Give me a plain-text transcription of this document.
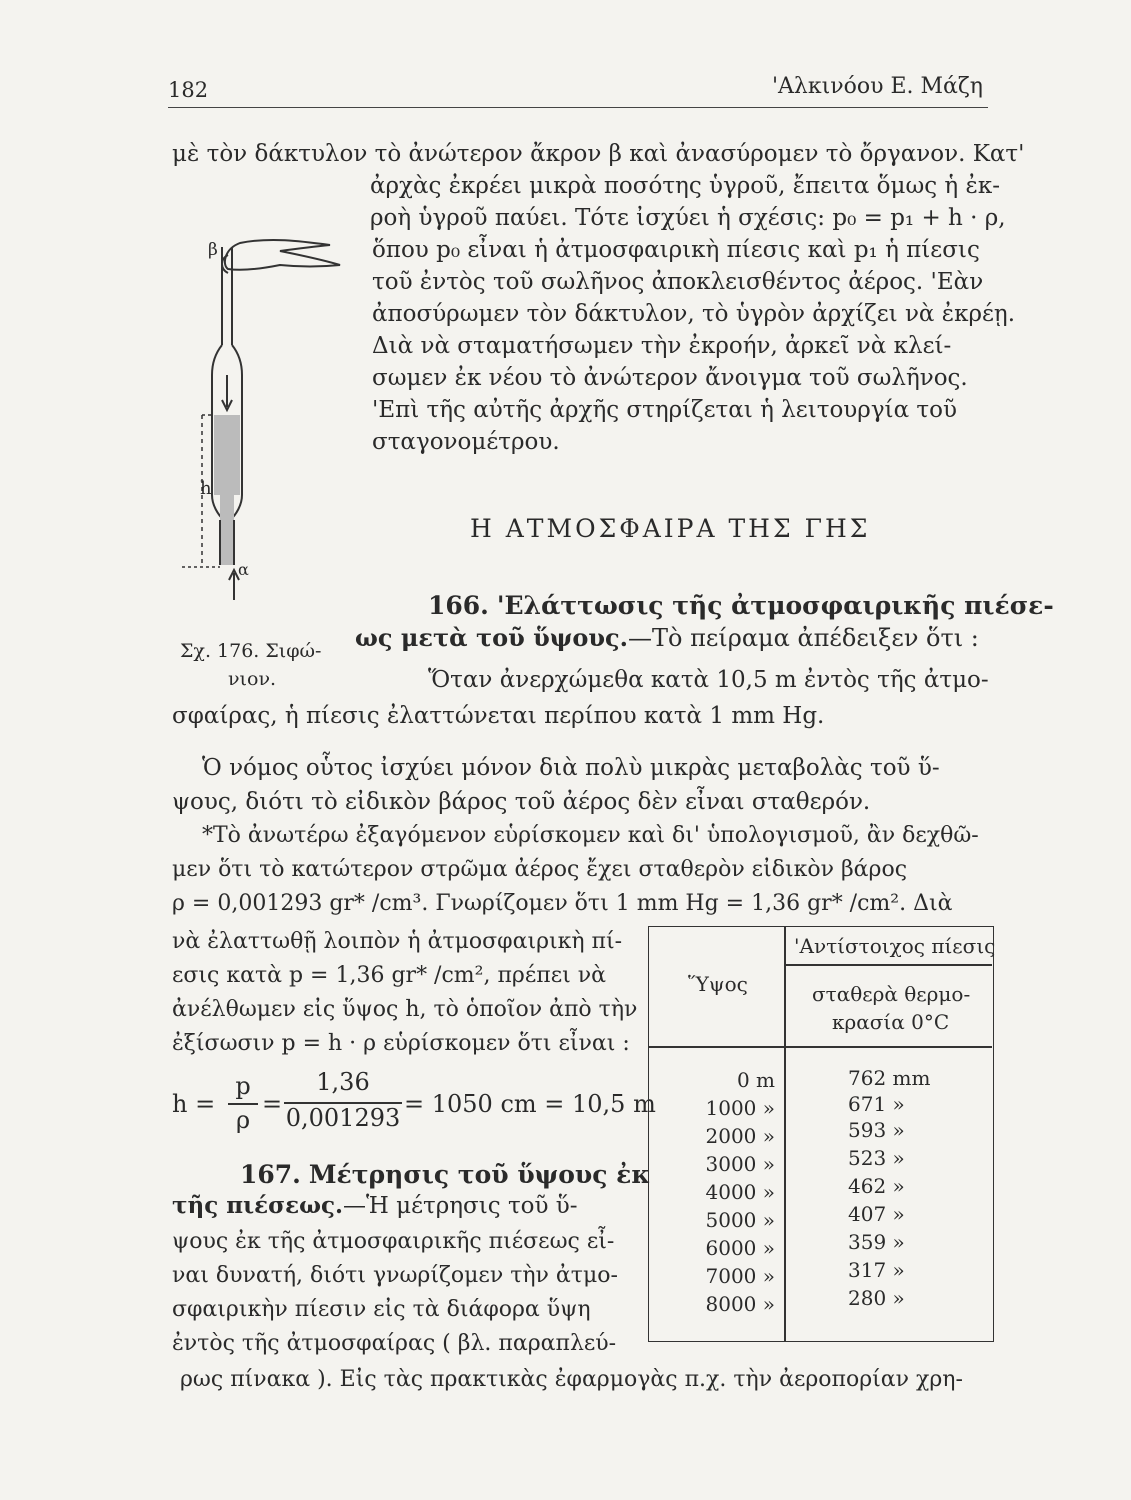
182	'Αλκινόου Ε. Μάζη
μὲ τὸν δάκτυλον τὸ ἀνώτερον ἄκρον β καὶ ἀνασύρομεν τὸ ὄργανον. Κατ'
ἀρχὰς ἐκρέει μικρὰ ποσότης ὑγροῦ, ἔπειτα ὅμως ἡ ἐκ-
ροὴ ὑγροῦ παύει. Τότε ἰσχύει ἡ σχέσις: p₀ = p₁ + h · ρ,
ὅπου p₀ εἶναι ἡ ἀτμοσφαιρικὴ πίεσις καὶ p₁ ἡ πίεσις
τοῦ ἐντὸς τοῦ σωλῆνος ἀποκλεισθέντος ἀέρος. 'Εὰν
ἀποσύρωμεν τὸν δάκτυλον, τὸ ὑγρὸν ἀρχίζει νὰ ἐκρέῃ.
Διὰ νὰ σταματήσωμεν τὴν ἐκροήν, ἀρκεῖ νὰ κλεί-
σωμεν ἐκ νέου τὸ ἀνώτερον ἄνοιγμα τοῦ σωλῆνος.
'Επὶ τῆς αὐτῆς ἀρχῆς στηρίζεται ἡ λειτουργία τοῦ
σταγονομέτρου.
β
h
α
Σχ. 176. Σιφώ-
νιον.
Η ΑΤΜΟΣΦΑΙΡΑ ΤΗΣ ΓΗΣ
166. 'Ελάττωσις τῆς ἀτμοσφαιρικῆς πιέσε-
ως μετὰ τοῦ ὕψους.—Τὸ πείραμα ἀπέδειξεν ὅτι :
Ὅταν ἀνερχώμεθα κατὰ 10,5 m ἐντὸς τῆς ἀτμο-
σφαίρας, ἡ πίεσις ἐλαττώνεται περίπου κατὰ 1 mm Hg.
Ὁ νόμος οὗτος ἰσχύει μόνον διὰ πολὺ μικρὰς μεταβολὰς τοῦ ὕ-
ψους, διότι τὸ εἰδικὸν βάρος τοῦ ἀέρος δὲν εἶναι σταθερόν.
*Τὸ ἀνωτέρω ἐξαγόμενον εὑρίσκομεν καὶ δι' ὑπολογισμοῦ, ἂν δεχθῶ-
μεν ὅτι τὸ κατώτερον στρῶμα ἀέρος ἔχει σταθερὸν εἰδικὸν βάρος
ρ = 0,001293 gr* /cm³. Γνωρίζομεν ὅτι 1 mm Hg = 1,36 gr* /cm². Διὰ
νὰ ἐλαττωθῇ λοιπὸν ἡ ἀτμοσφαιρικὴ πί-
εσις κατὰ p = 1,36 gr* /cm², πρέπει νὰ
ἀνέλθωμεν εἰς ὕψος h, τὸ ὁποῖον ἀπὸ τὴν
ἐξίσωσιν p = h · ρ εὑρίσκομεν ὅτι εἶναι :
h =
p
ρ
=
1,36
0,001293 = 1050 cm = 10,5 m
167. Μέτρησις τοῦ ὕψους ἐκ
τῆς πιέσεως.—Ἡ μέτρησις τοῦ ὕ-
ψους ἐκ τῆς ἀτμοσφαιρικῆς πιέσεως εἶ-
ναι δυνατή, διότι γνωρίζομεν τὴν ἀτμο-
σφαιρικὴν πίεσιν εἰς τὰ διάφορα ὕψη
ἐντὸς τῆς ἀτμοσφαίρας ( βλ. παραπλεύ-
ρως πίνακα ). Εἰς τὰς πρακτικὰς ἐφαρμογὰς π.χ. τὴν ἀεροπορίαν χρη-
Ὕψος
'Αντίστοιχος πίεσις
σταθερὰ θερμο-
κρασία 0°C
0 m	762 mm
1000 »	671 »
2000 »	593 »
3000 »	523 »
4000 »	462 »
5000 »	407 »
6000 »	359 »
7000 »	317 »
8000 »	280 »
